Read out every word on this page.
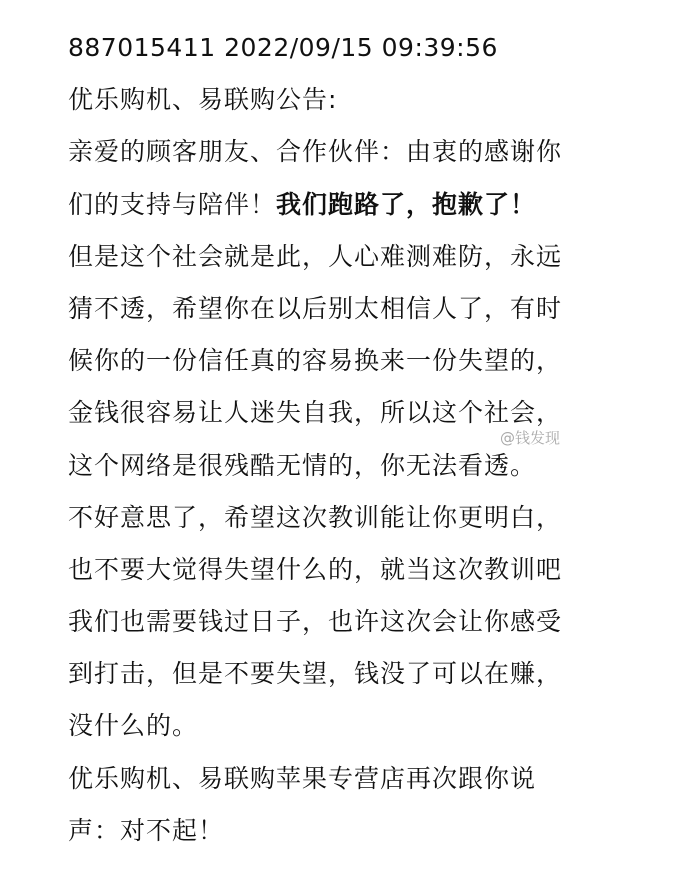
887015411 2022/09/15 09:39:56
优乐购机、易联购公告:
亲爱的顾客朋友、合作伙伴：由衷的感谢你
们的支持与陪伴！我们跑路了，抱歉了！
但是这个社会就是此，人心难测难防，永远
猜不透，希望你在以后别太相信人了，有时
候你的一份信任真的容易换来一份失望的，
金钱很容易让人迷失自我，所以这个社会，
这个网络是很残酷无情的，你无法看透。
不好意思了，希望这次教训能让你更明白，
也不要大觉得失望什么的，就当这次教训吧
我们也需要钱过日子，也许这次会让你感受
到打击，但是不要失望，钱没了可以在赚，
没什么的。
优乐购机、易联购苹果专营店再次跟你说
声：对不起！
@钱发现
